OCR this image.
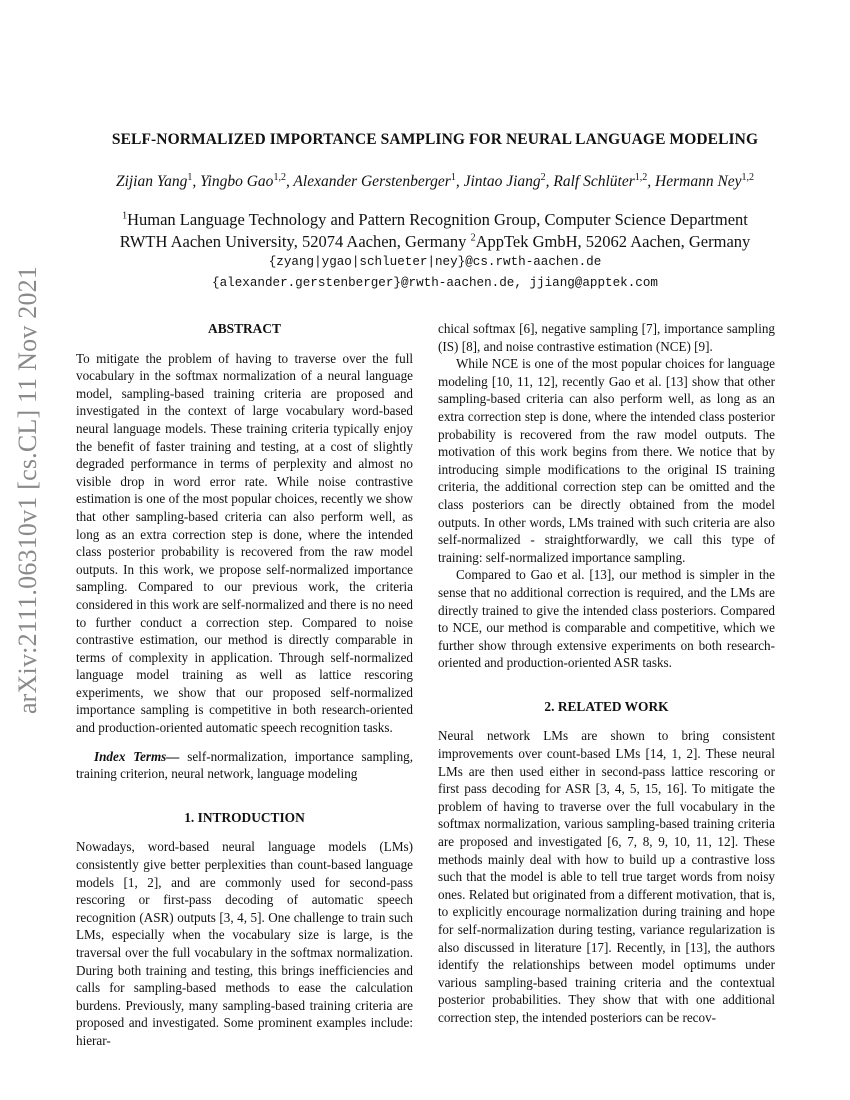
arXiv:2111.06310v1 [cs.CL] 11 Nov 2021
SELF-NORMALIZED IMPORTANCE SAMPLING FOR NEURAL LANGUAGE MODELING
Zijian Yang$^1$, Yingbo Gao$^{1,2}$, Alexander Gerstenberger$^1$, Jintao Jiang$^2$, Ralf Schlüter$^{1,2}$, Hermann Ney$^{1,2}$
$^1$Human Language Technology and Pattern Recognition Group, Computer Science Department
RWTH Aachen University, 52074 Aachen, Germany $^2$AppTek GmbH, 52062 Aachen, Germany
{zyang|ygao|schlueter|ney}@cs.rwth-aachen.de
{alexander.gerstenberger}@rwth-aachen.de, jjiang@apptek.com
ABSTRACT

To mitigate the problem of having to traverse over the full vocabulary in the softmax normalization of a neural language model, sampling-based training criteria are proposed and investigated in the context of large vocabulary word-based neural language models. These training criteria typically enjoy the benefit of faster training and testing, at a cost of slightly degraded performance in terms of perplexity and almost no visible drop in word error rate. While noise contrastive estimation is one of the most popular choices, recently we show that other sampling-based criteria can also perform well, as long as an extra correction step is done, where the intended class posterior probability is recovered from the raw model outputs. In this work, we propose self-normalized importance sampling. Compared to our previous work, the criteria considered in this work are self-normalized and there is no need to further conduct a correction step. Compared to noise contrastive estimation, our method is directly comparable in terms of complexity in application. Through self-normalized language model training as well as lattice rescoring experiments, we show that our proposed self-normalized importance sampling is competitive in both research-oriented and production-oriented automatic speech recognition tasks.

Index Terms— self-normalization, importance sampling, training criterion, neural network, language modeling

1. INTRODUCTION

Nowadays, word-based neural language models (LMs) consistently give better perplexities than count-based language models [1, 2], and are commonly used for second-pass rescoring or first-pass decoding of automatic speech recognition (ASR) outputs [3, 4, 5]. One challenge to train such LMs, especially when the vocabulary size is large, is the traversal over the full vocabulary in the softmax normalization. During both training and testing, this brings inefficiencies and calls for sampling-based methods to ease the calculation burdens. Previously, many sampling-based training criteria are proposed and investigated. Some prominent examples include: hierar-

chical softmax [6], negative sampling [7], importance sampling (IS) [8], and noise contrastive estimation (NCE) [9].

While NCE is one of the most popular choices for language modeling [10, 11, 12], recently Gao et al. [13] show that other sampling-based criteria can also perform well, as long as an extra correction step is done, where the intended class posterior probability is recovered from the raw model outputs. The motivation of this work begins from there. We notice that by introducing simple modifications to the original IS training criteria, the additional correction step can be omitted and the class posteriors can be directly obtained from the model outputs. In other words, LMs trained with such criteria are also self-normalized - straightforwardly, we call this type of training: self-normalized importance sampling.

Compared to Gao et al. [13], our method is simpler in the sense that no additional correction is required, and the LMs are directly trained to give the intended class posteriors. Compared to NCE, our method is comparable and competitive, which we further show through extensive experiments on both research-oriented and production-oriented ASR tasks.

2. RELATED WORK

Neural network LMs are shown to bring consistent improvements over count-based LMs [14, 1, 2]. These neural LMs are then used either in second-pass lattice rescoring or first pass decoding for ASR [3, 4, 5, 15, 16]. To mitigate the problem of having to traverse over the full vocabulary in the softmax normalization, various sampling-based training criteria are proposed and investigated [6, 7, 8, 9, 10, 11, 12]. These methods mainly deal with how to build up a contrastive loss such that the model is able to tell true target words from noisy ones. Related but originated from a different motivation, that is, to explicitly encourage normalization during training and hope for self-normalization during testing, variance regularization is also discussed in literature [17]. Recently, in [13], the authors identify the relationships between model optimums under various sampling-based training criteria and the contextual posterior probabilities. They show that with one additional correction step, the intended posteriors can be recov-
